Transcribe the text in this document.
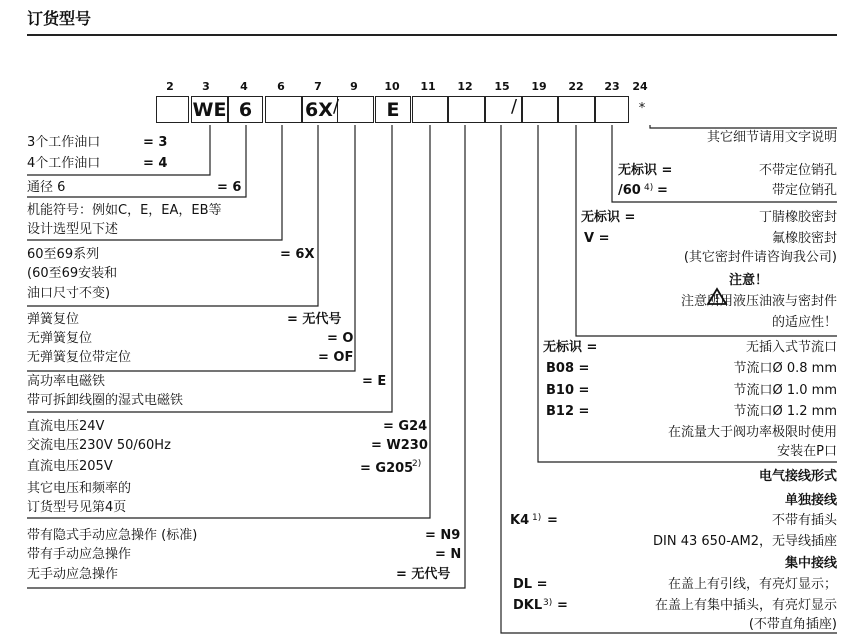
订货型号
2	3	4	6	7	9	10	11	12	15	19	22	23	24
WE 6	6X	E	*
/	/
3个工作油口	= 3
4个工作油口	= 4
通径 6	= 6
机能符号：例如C，E，EA，EB等
设计选型见下述
60至69系列	= 6X
(60至69安装和
油口尺寸不变)
弹簧复位	= 无代号
无弹簧复位	= O
无弹簧复位带定位	= OF
高功率电磁铁	= E
带可拆卸线圈的湿式电磁铁
直流电压24V	= G24
交流电压230V 50/60Hz	= W230
直流电压205V	= G205
2)
其它电压和频率的
订货型号见第4页
带有隐式手动应急操作 (标准)	= N9
带有手动应急操作	= N
无手动应急操作	= 无代号
其它细节请用文字说明
无标识 =	不带定位销孔
/60 4) =	带定位销孔
无标识 =	丁腈橡胶密封
V =	氟橡胶密封
(其它密封件请咨询我公司)
注意！
注意所用液压油液与密封件
的适应性！
无标识 =	无插入式节流口
B08 =	节流口Ø 0.8 mm
B10 =	节流口Ø 1.0 mm
B12 =	节流口Ø 1.2 mm
在流量大于阀功率极限时使用
安装在P口
电气接线形式
单独接线
K4 1) =	不带有插头
DIN 43 650-AM2，无导线插座
集中接线
DL =	在盖上有引线，有亮灯显示；
DKL 3) =	在盖上有集中插头，有亮灯显示
(不带直角插座)
